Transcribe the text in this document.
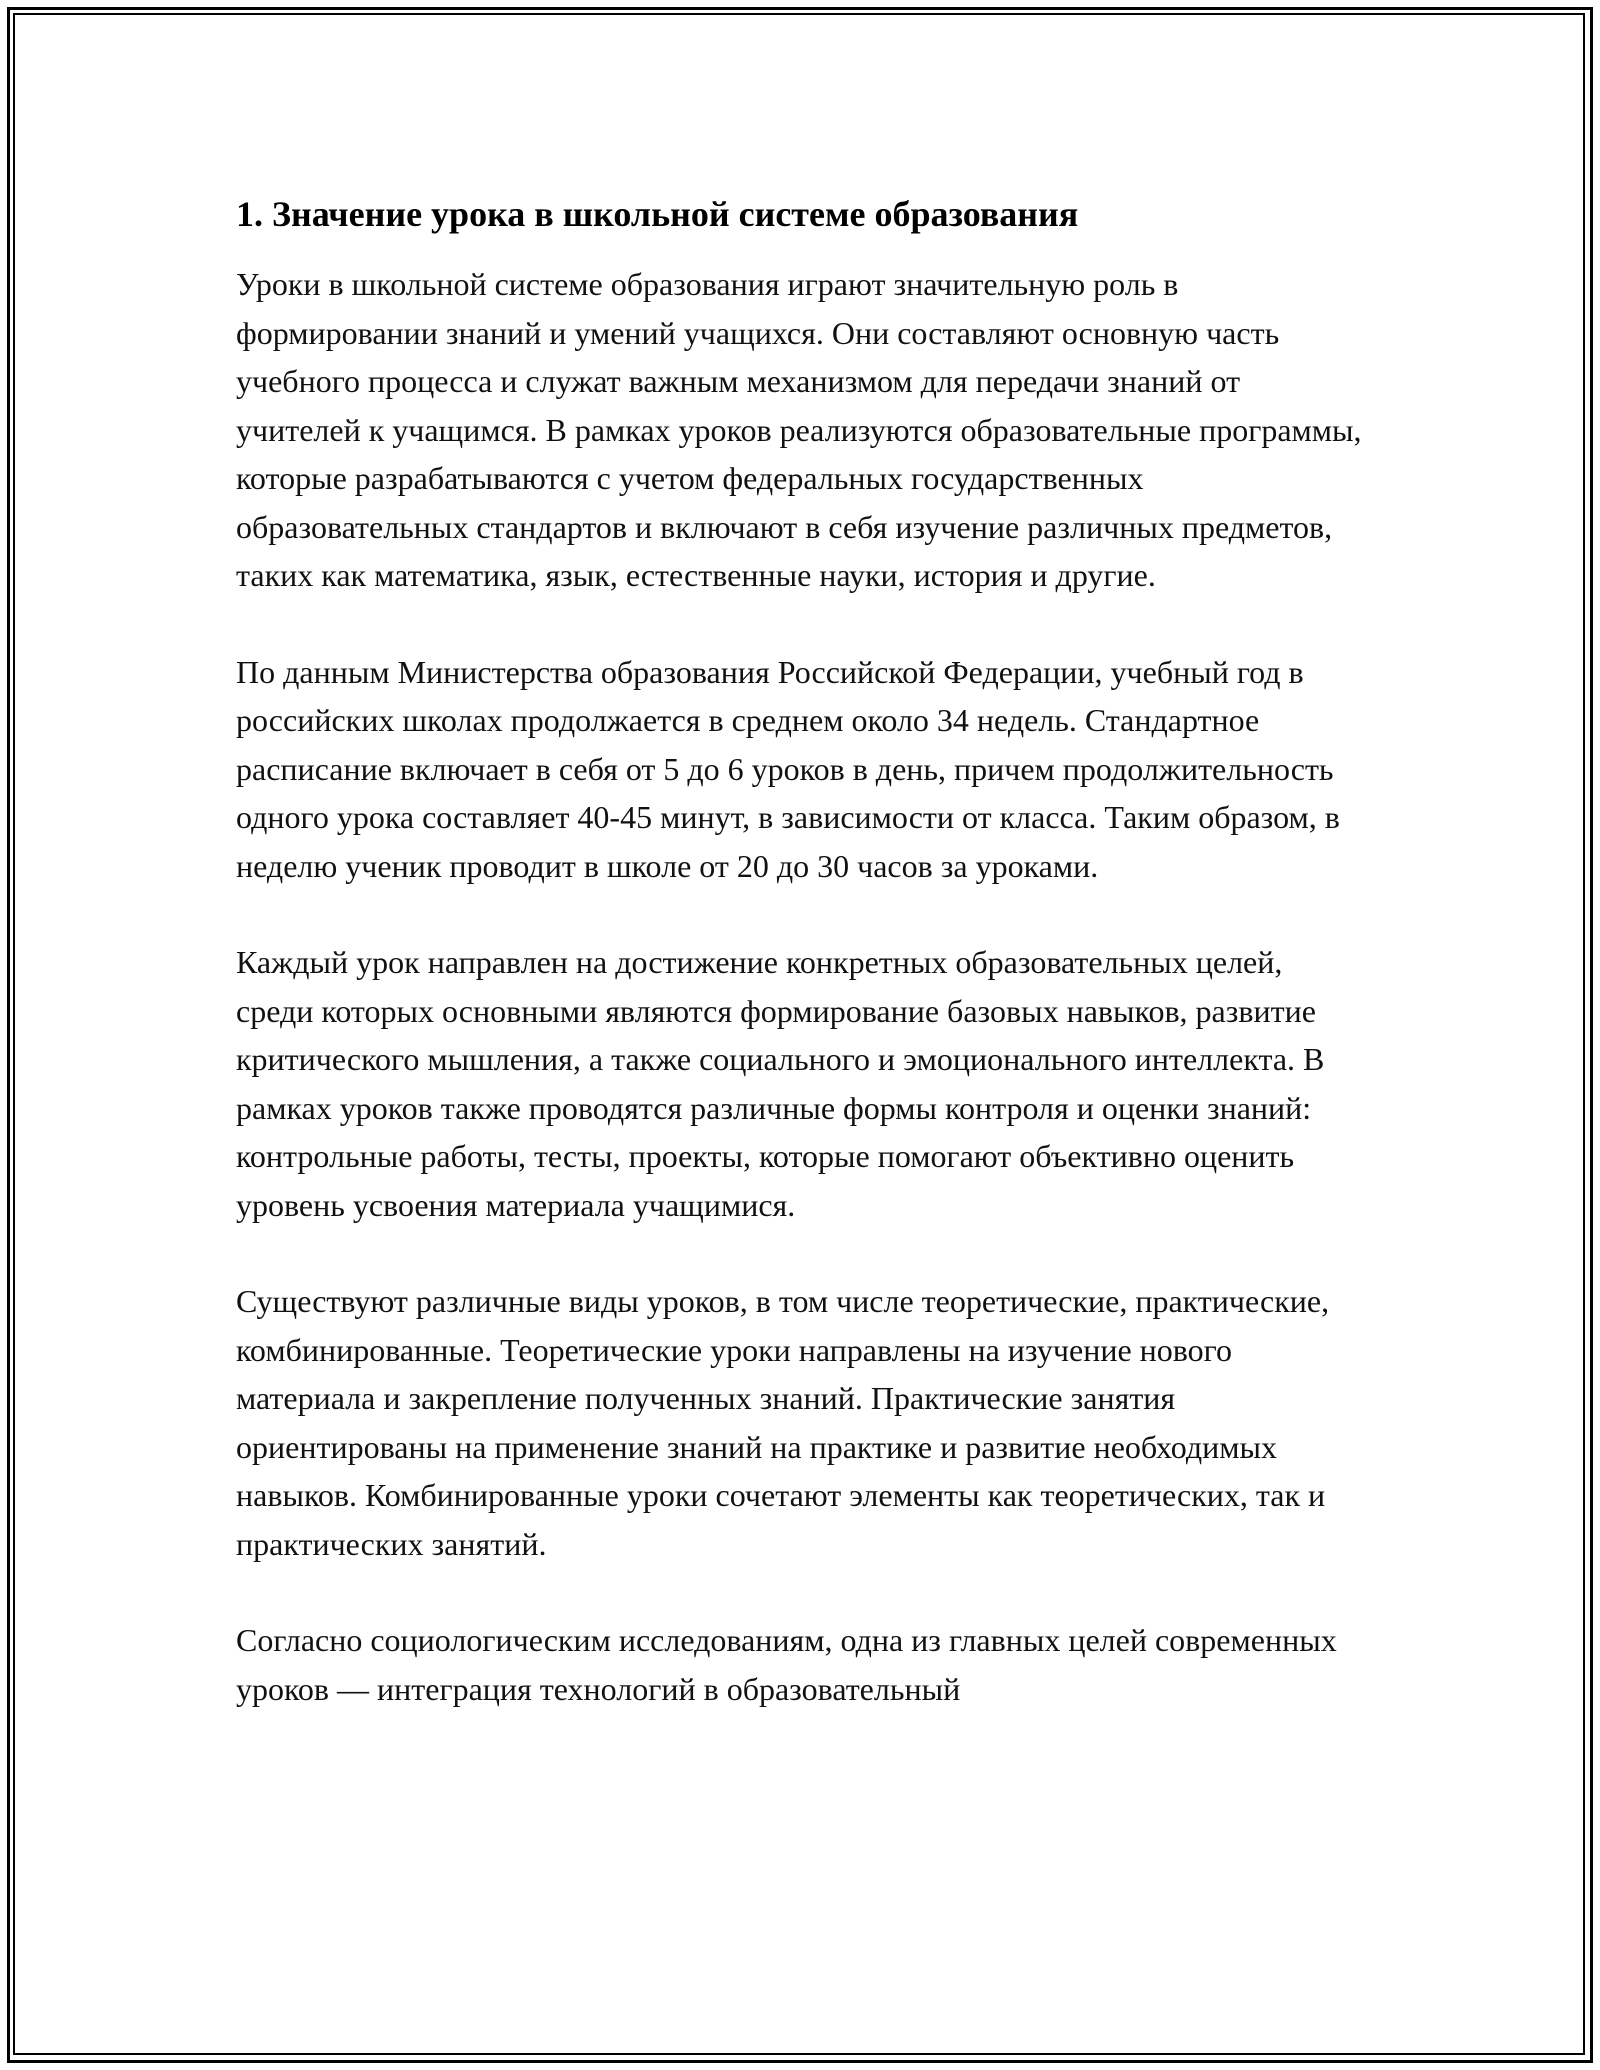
1. Значение урока в школьной системе образования

Уроки в школьной системе образования играют значительную роль в формировании знаний и умений учащихся. Они составляют основную часть учебного процесса и служат важным механизмом для передачи знаний от учителей к учащимся. В рамках уроков реализуются образовательные программы, которые разрабатываются с учетом федеральных государственных образовательных стандартов и включают в себя изучение различных предметов, таких как математика, язык, естественные науки, история и другие.

По данным Министерства образования Российской Федерации, учебный год в российских школах продолжается в среднем около 34 недель. Стандартное расписание включает в себя от 5 до 6 уроков в день, причем продолжительность одного урока составляет 40-45 минут, в зависимости от класса. Таким образом, в неделю ученик проводит в школе от 20 до 30 часов за уроками.

Каждый урок направлен на достижение конкретных образовательных целей, среди которых основными являются формирование базовых навыков, развитие критического мышления, а также социального и эмоционального интеллекта. В рамках уроков также проводятся различные формы контроля и оценки знаний: контрольные работы, тесты, проекты, которые помогают объективно оценить уровень усвоения материала учащимися.

Существуют различные виды уроков, в том числе теоретические, практические, комбинированные. Теоретические уроки направлены на изучение нового материала и закрепление полученных знаний. Практические занятия ориентированы на применение знаний на практике и развитие необходимых навыков. Комбинированные уроки сочетают элементы как теоретических, так и практических занятий.

Согласно социологическим исследованиям, одна из главных целей современных уроков — интеграция технологий в образовательный
